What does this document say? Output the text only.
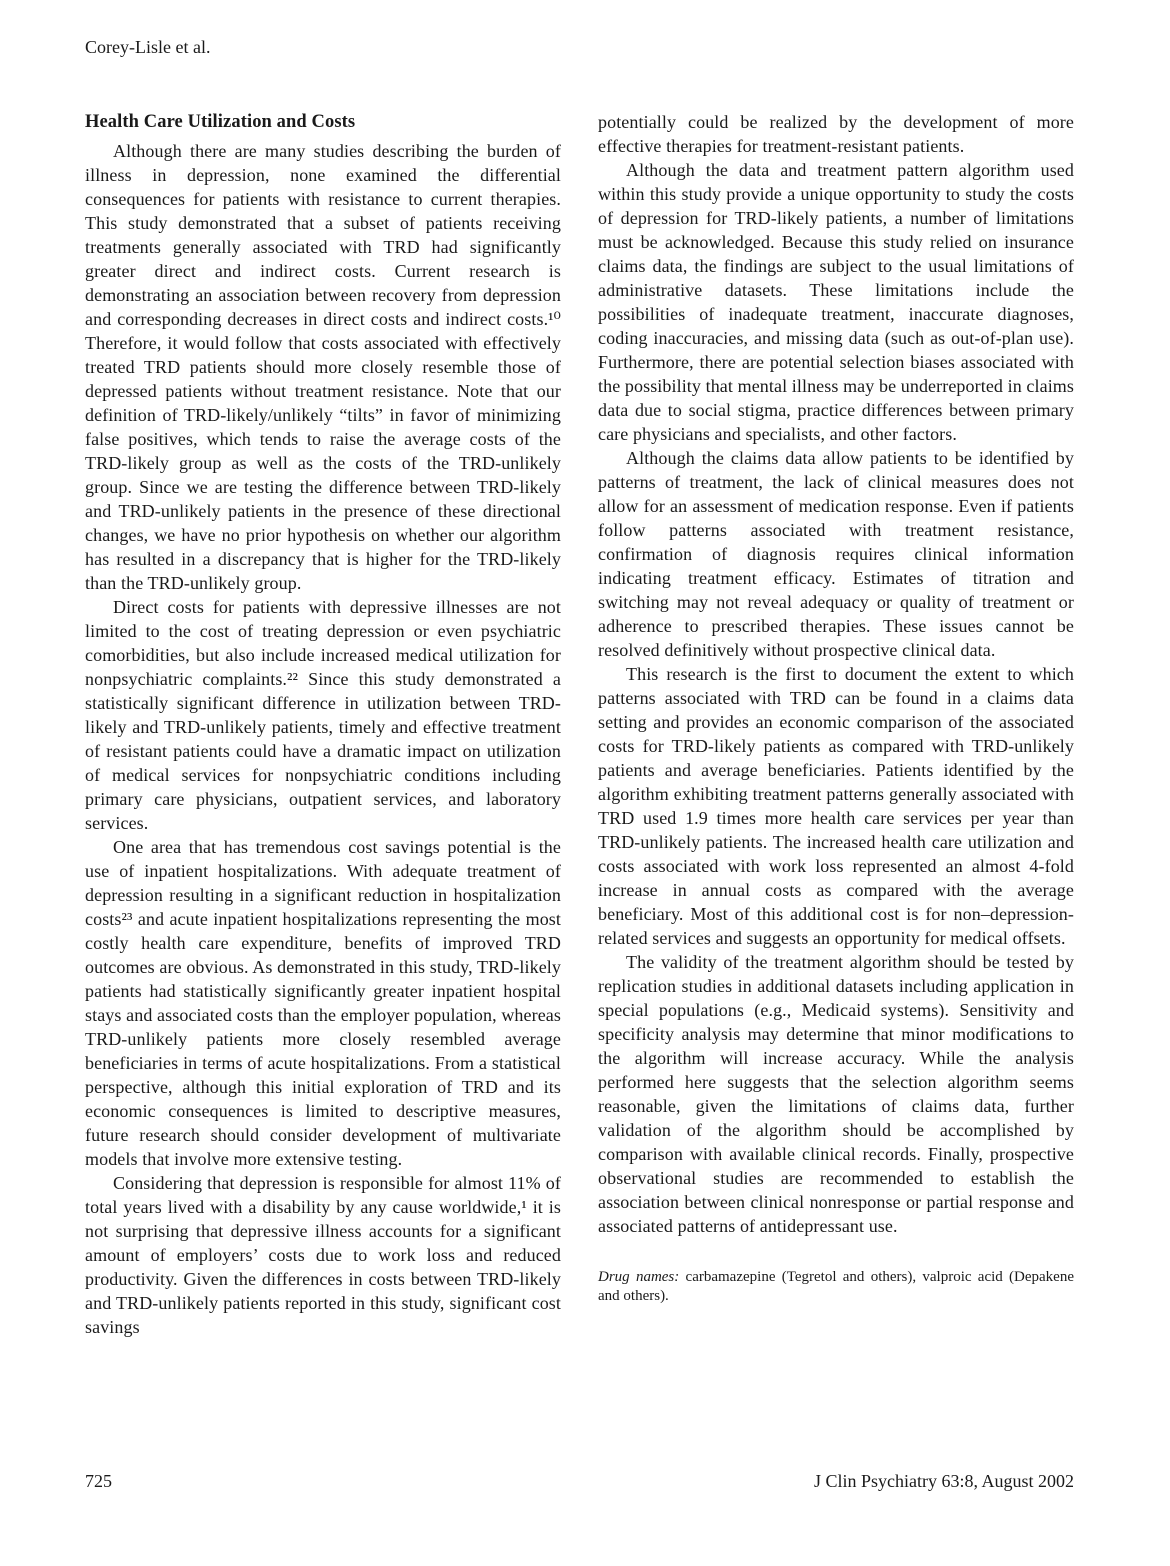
Corey-Lisle et al.
Health Care Utilization and Costs

Although there are many studies describing the burden of illness in depression, none examined the differential consequences for patients with resistance to current therapies. This study demonstrated that a subset of patients receiving treatments generally associated with TRD had significantly greater direct and indirect costs. Current research is demonstrating an association between recovery from depression and corresponding decreases in direct costs and indirect costs.¹⁰ Therefore, it would follow that costs associated with effectively treated TRD patients should more closely resemble those of depressed patients without treatment resistance. Note that our definition of TRD-likely/unlikely “tilts” in favor of minimizing false positives, which tends to raise the average costs of the TRD-likely group as well as the costs of the TRD-unlikely group. Since we are testing the difference between TRD-likely and TRD-unlikely patients in the presence of these directional changes, we have no prior hypothesis on whether our algorithm has resulted in a discrepancy that is higher for the TRD-likely than the TRD-unlikely group.

Direct costs for patients with depressive illnesses are not limited to the cost of treating depression or even psychiatric comorbidities, but also include increased medical utilization for nonpsychiatric complaints.²² Since this study demonstrated a statistically significant difference in utilization between TRD-likely and TRD-unlikely patients, timely and effective treatment of resistant patients could have a dramatic impact on utilization of medical services for nonpsychiatric conditions including primary care physicians, outpatient services, and laboratory services.

One area that has tremendous cost savings potential is the use of inpatient hospitalizations. With adequate treatment of depression resulting in a significant reduction in hospitalization costs²³ and acute inpatient hospitalizations representing the most costly health care expenditure, benefits of improved TRD outcomes are obvious. As demonstrated in this study, TRD-likely patients had statistically significantly greater inpatient hospital stays and associated costs than the employer population, whereas TRD-unlikely patients more closely resembled average beneficiaries in terms of acute hospitalizations. From a statistical perspective, although this initial exploration of TRD and its economic consequences is limited to descriptive measures, future research should consider development of multivariate models that involve more extensive testing.

Considering that depression is responsible for almost 11% of total years lived with a disability by any cause worldwide,¹ it is not surprising that depressive illness accounts for a significant amount of employers’ costs due to work loss and reduced productivity. Given the differences in costs between TRD-likely and TRD-unlikely patients reported in this study, significant cost savings

potentially could be realized by the development of more effective therapies for treatment-resistant patients.

Although the data and treatment pattern algorithm used within this study provide a unique opportunity to study the costs of depression for TRD-likely patients, a number of limitations must be acknowledged. Because this study relied on insurance claims data, the findings are subject to the usual limitations of administrative datasets. These limitations include the possibilities of inadequate treatment, inaccurate diagnoses, coding inaccuracies, and missing data (such as out-of-plan use). Furthermore, there are potential selection biases associated with the possibility that mental illness may be underreported in claims data due to social stigma, practice differences between primary care physicians and specialists, and other factors.

Although the claims data allow patients to be identified by patterns of treatment, the lack of clinical measures does not allow for an assessment of medication response. Even if patients follow patterns associated with treatment resistance, confirmation of diagnosis requires clinical information indicating treatment efficacy. Estimates of titration and switching may not reveal adequacy or quality of treatment or adherence to prescribed therapies. These issues cannot be resolved definitively without prospective clinical data.

This research is the first to document the extent to which patterns associated with TRD can be found in a claims data setting and provides an economic comparison of the associated costs for TRD-likely patients as compared with TRD-unlikely patients and average beneficiaries. Patients identified by the algorithm exhibiting treatment patterns generally associated with TRD used 1.9 times more health care services per year than TRD-unlikely patients. The increased health care utilization and costs associated with work loss represented an almost 4-fold increase in annual costs as compared with the average beneficiary. Most of this additional cost is for non–depression-related services and suggests an opportunity for medical offsets.

The validity of the treatment algorithm should be tested by replication studies in additional datasets including application in special populations (e.g., Medicaid systems). Sensitivity and specificity analysis may determine that minor modifications to the algorithm will increase accuracy. While the analysis performed here suggests that the selection algorithm seems reasonable, given the limitations of claims data, further validation of the algorithm should be accomplished by comparison with available clinical records. Finally, prospective observational studies are recommended to establish the association between clinical nonresponse or partial response and associated patterns of antidepressant use.

Drug names: carbamazepine (Tegretol and others), valproic acid (Depakene and others).
725	J Clin Psychiatry 63:8, August 2002
